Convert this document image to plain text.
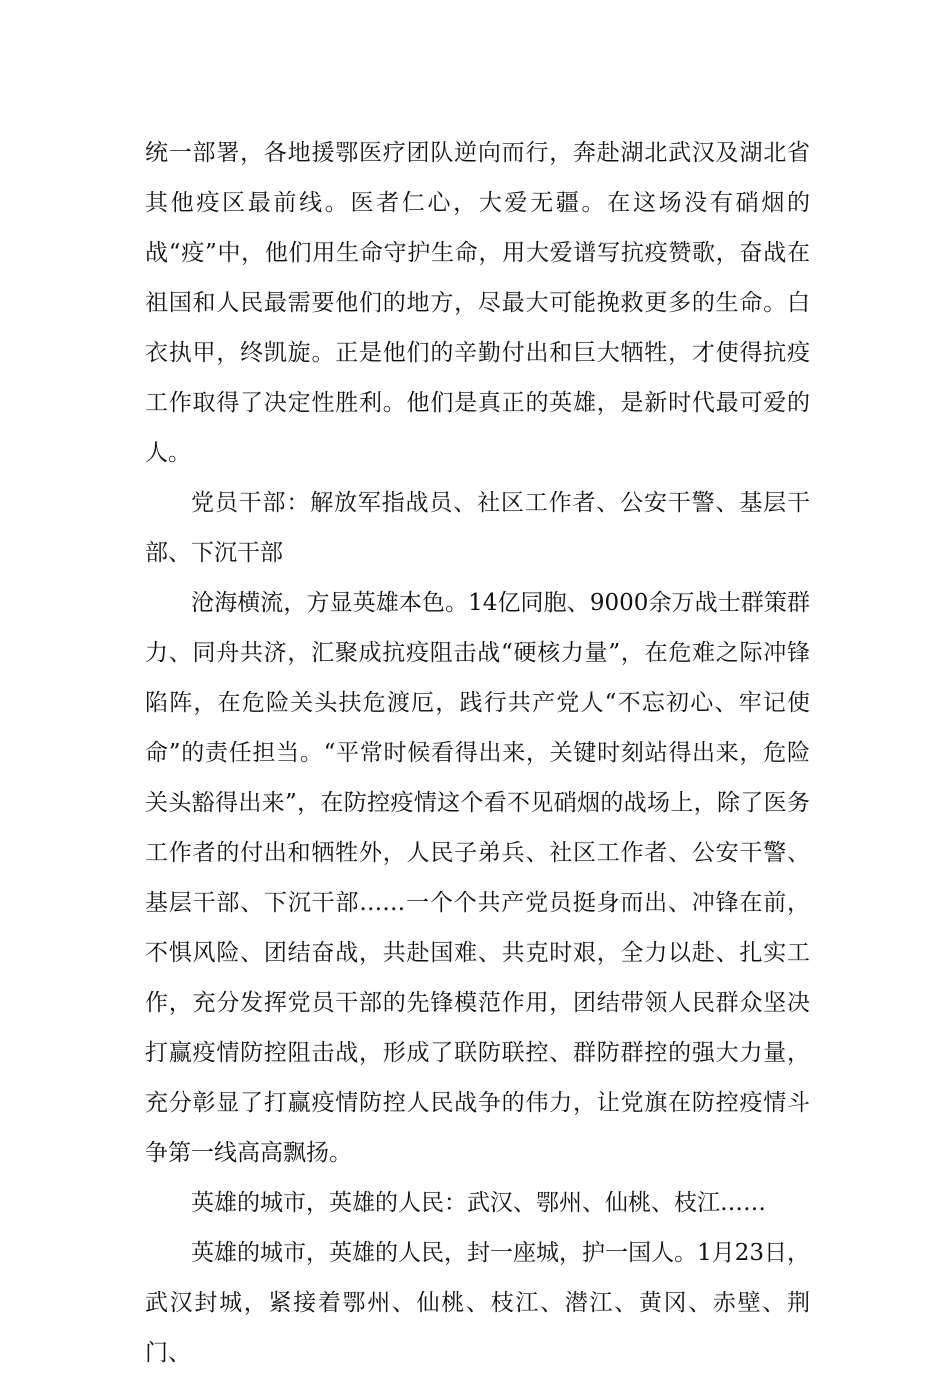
统一部署，各地援鄂医疗团队逆向而行，奔赴湖北武汉及湖北省其他疫区最前线。医者仁心，大爱无疆。在这场没有硝烟的战“疫”中，他们用生命守护生命，用大爱谱写抗疫赞歌，奋战在祖国和人民最需要他们的地方，尽最大可能挽救更多的生命。白衣执甲，终凯旋。正是他们的辛勤付出和巨大牺牲，才使得抗疫工作取得了决定性胜利。他们是真正的英雄，是新时代最可爱的人。

党员干部：解放军指战员、社区工作者、公安干警、基层干部、下沉干部

沧海横流，方显英雄本色。14亿同胞、9000余万战士群策群力、同舟共济，汇聚成抗疫阻击战“硬核力量”，在危难之际冲锋陷阵，在危险关头扶危渡厄，践行共产党人“不忘初心、牢记使命”的责任担当。“平常时候看得出来，关键时刻站得出来，危险关头豁得出来”，在防控疫情这个看不见硝烟的战场上，除了医务工作者的付出和牺牲外，人民子弟兵、社区工作者、公安干警、基层干部、下沉干部……一个个共产党员挺身而出、冲锋在前，不惧风险、团结奋战，共赴国难、共克时艰，全力以赴、扎实工作，充分发挥党员干部的先锋模范作用，团结带领人民群众坚决打赢疫情防控阻击战，形成了联防联控、群防群控的强大力量，充分彰显了打赢疫情防控人民战争的伟力，让党旗在防控疫情斗争第一线高高飘扬。

英雄的城市，英雄的人民：武汉、鄂州、仙桃、枝江……

英雄的城市，英雄的人民，封一座城，护一国人。1月23日，武汉封城，紧接着鄂州、仙桃、枝江、潜江、黄冈、赤壁、荆门、
